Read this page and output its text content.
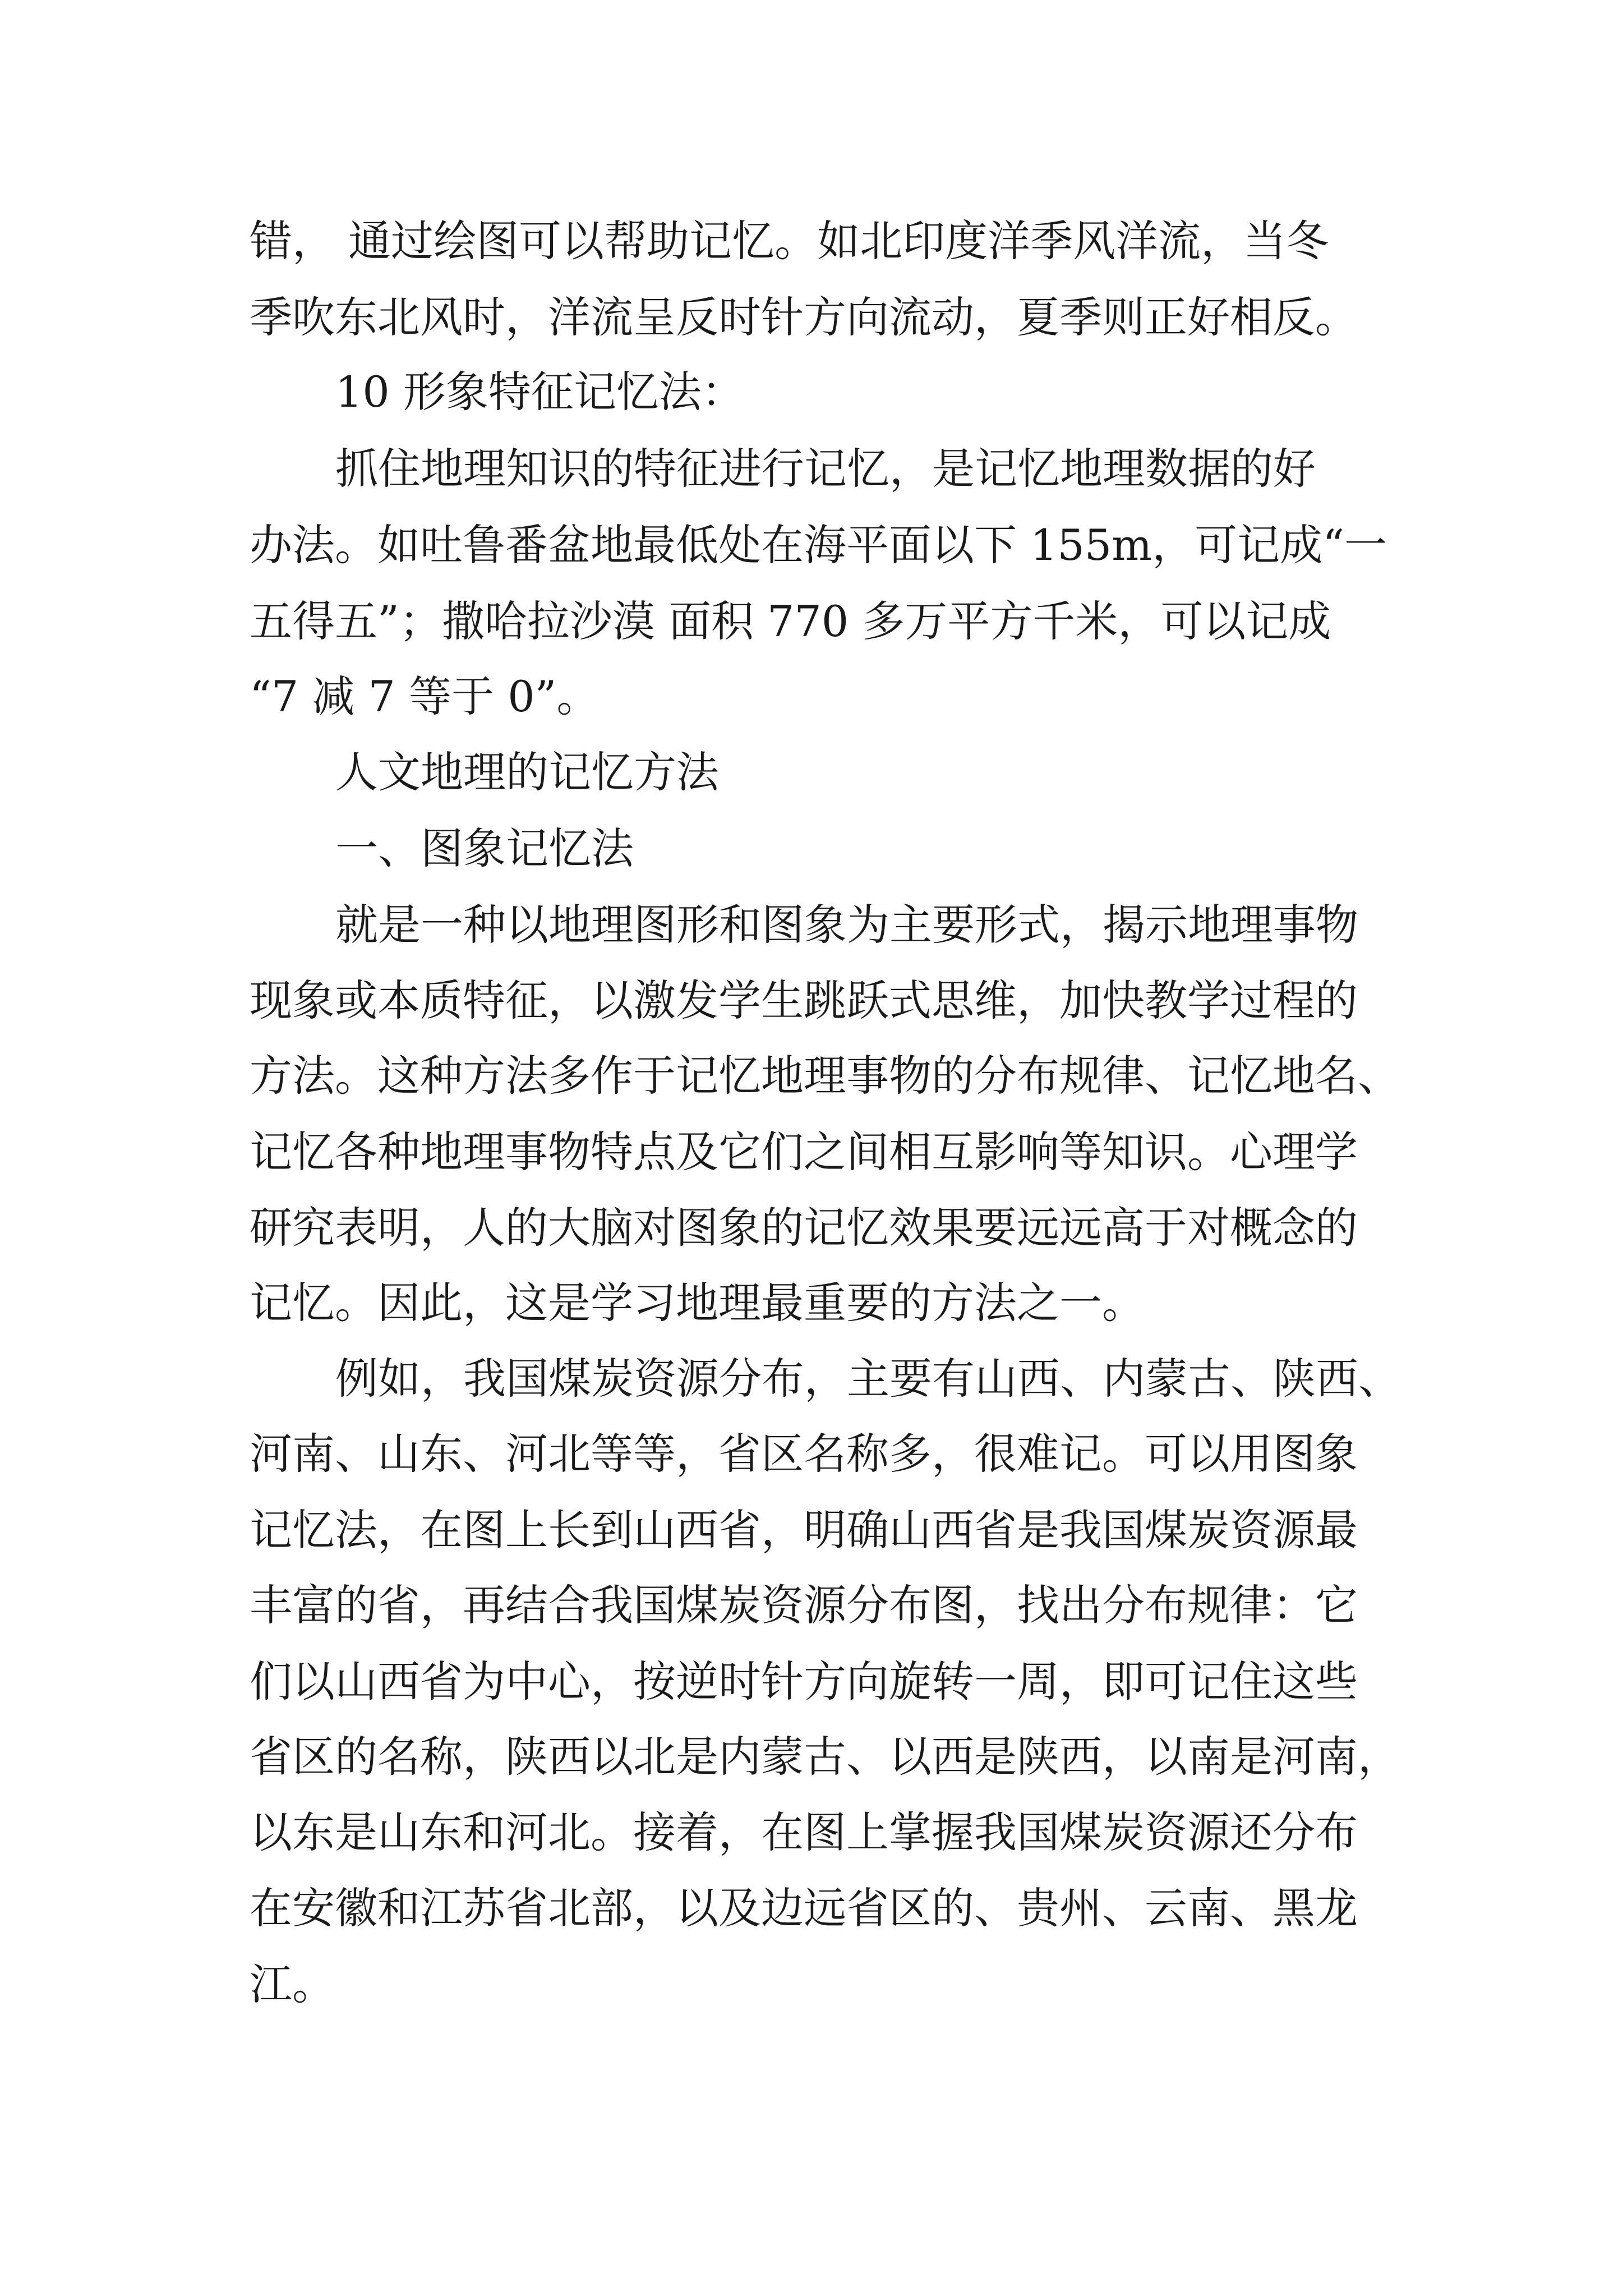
错， 通过绘图可以帮助记忆。如北印度洋季风洋流，当冬

季吹东北风时，洋流呈反时针方向流动，夏季则正好相反。

10 形象特征记忆法：

抓住地理知识的特征进行记忆，是记忆地理数据的好

办法。如吐鲁番盆地最低处在海平面以下 155m，可记成“一

五得五”；撒哈拉沙漠 面积 770 多万平方千米，可以记成

“7 减 7 等于 0”。

人文地理的记忆方法

一、图象记忆法

就是一种以地理图形和图象为主要形式，揭示地理事物

现象或本质特征，以激发学生跳跃式思维，加快教学过程的

方法。这种方法多作于记忆地理事物的分布规律、记忆地名、

记忆各种地理事物特点及它们之间相互影响等知识。心理学

研究表明，人的大脑对图象的记忆效果要远远高于对概念的

记忆。因此，这是学习地理最重要的方法之一。

例如，我国煤炭资源分布，主要有山西、内蒙古、陕西、

河南、山东、河北等等，省区名称多，很难记。可以用图象

记忆法，在图上长到山西省，明确山西省是我国煤炭资源最

丰富的省，再结合我国煤炭资源分布图，找出分布规律：它

们以山西省为中心，按逆时针方向旋转一周，即可记住这些

省区的名称，陕西以北是内蒙古、以西是陕西，以南是河南，

以东是山东和河北。接着，在图上掌握我国煤炭资源还分布

在安徽和江苏省北部，以及边远省区的、贵州、云南、黑龙

江。
